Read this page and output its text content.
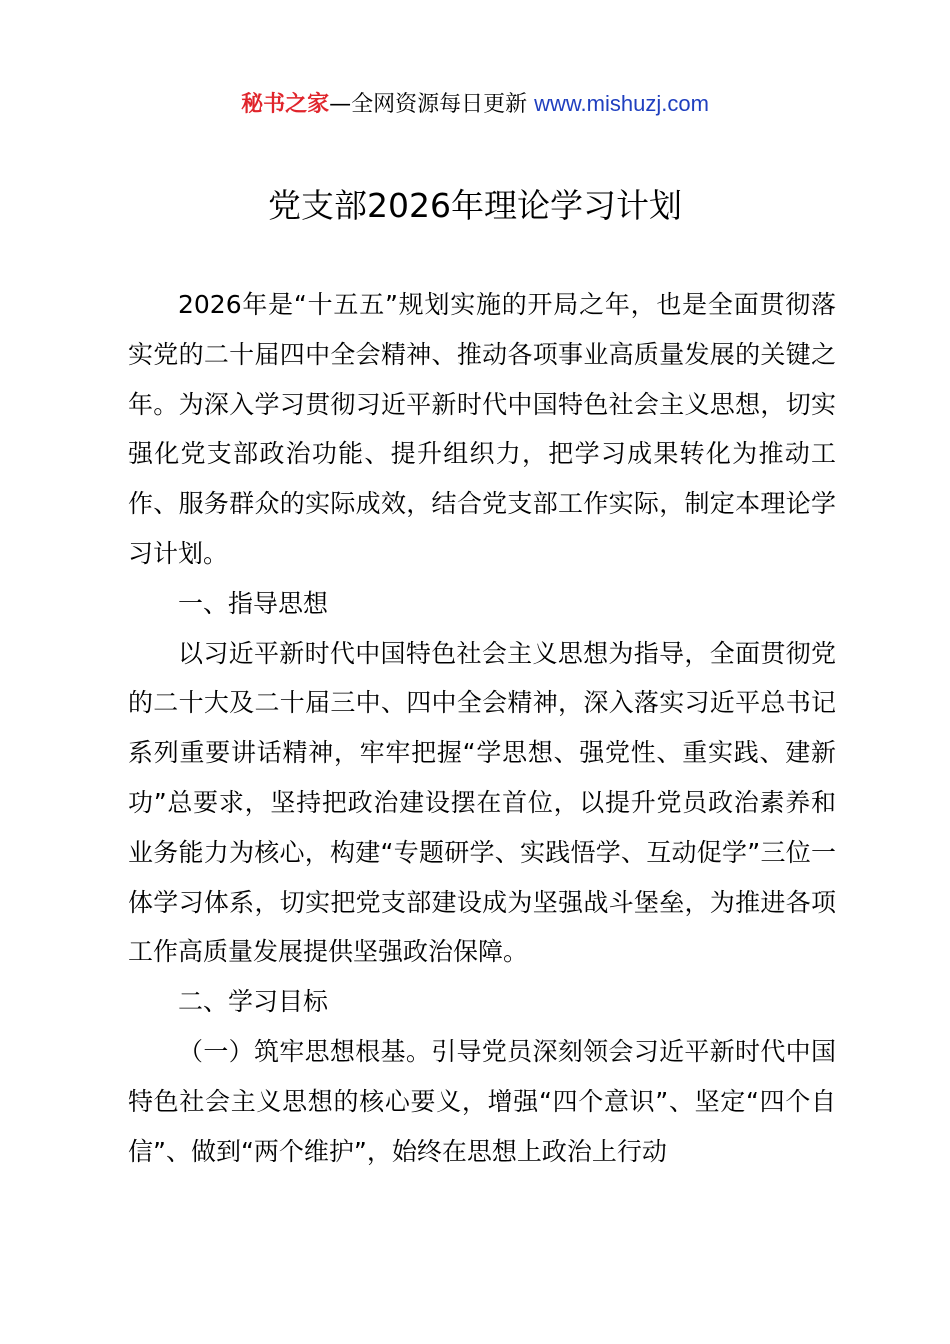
秘书之家—全网资源每日更新 www.mishuzj.com
党支部2026年理论学习计划

2026年是“十五五”规划实施的开局之年，也是全面贯彻落实党的二十届四中全会精神、推动各项事业高质量发展的关键之年。为深入学习贯彻习近平新时代中国特色社会主义思想，切实强化党支部政治功能、提升组织力，把学习成果转化为推动工作、服务群众的实际成效，结合党支部工作实际，制定本理论学习计划。

一、指导思想

以习近平新时代中国特色社会主义思想为指导，全面贯彻党的二十大及二十届三中、四中全会精神，深入落实习近平总书记系列重要讲话精神，牢牢把握“学思想、强党性、重实践、建新功”总要求，坚持把政治建设摆在首位，以提升党员政治素养和业务能力为核心，构建“专题研学、实践悟学、互动促学”三位一体学习体系，切实把党支部建设成为坚强战斗堡垒，为推进各项工作高质量发展提供坚强政治保障。

二、学习目标

（一）筑牢思想根基。引导党员深刻领会习近平新时代中国特色社会主义思想的核心要义，增强“四个意识”、坚定“四个自信”、做到“两个维护”，始终在思想上政治上行动
